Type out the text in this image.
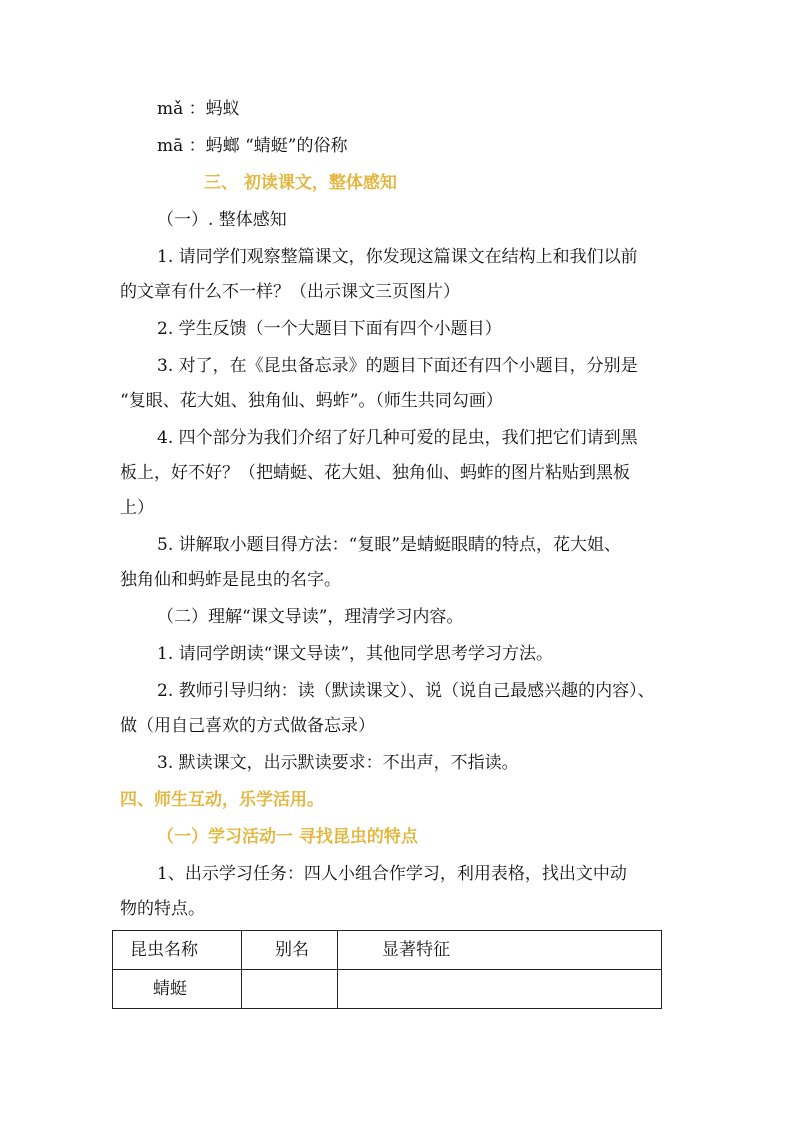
mǎ ：蚂蚁
mā ：蚂螂 “蜻蜓”的俗称
三、 初读课文，整体感知
（一）. 整体感知
1. 请同学们观察整篇课文，你发现这篇课文在结构上和我们以前
的文章有什么不一样？（出示课文三页图片）
2. 学生反馈（一个大题目下面有四个小题目）
3. 对了，在《昆虫备忘录》的题目下面还有四个小题目，分别是
“复眼、花大姐、独角仙、蚂蚱”。（师生共同勾画）
4. 四个部分为我们介绍了好几种可爱的昆虫，我们把它们请到黑
板上，好不好？（把蜻蜓、花大姐、独角仙、蚂蚱的图片粘贴到黑板
上）
5. 讲解取小题目得方法：“复眼”是蜻蜓眼睛的特点，花大姐、
独角仙和蚂蚱是昆虫的名字。
（二）理解“课文导读”，理清学习内容。
1. 请同学朗读“课文导读”，其他同学思考学习方法。
2. 教师引导归纳：读（默读课文）、说（说自己最感兴趣的内容）、
做（用自己喜欢的方式做备忘录）
3. 默读课文，出示默读要求：不出声，不指读。
四、师生互动，乐学活用。
（一）学习活动一 寻找昆虫的特点
1、出示学习任务：四人小组合作学习，利用表格，找出文中动
物的特点。
昆虫名称	别名	显著特征
蜻蜓		
